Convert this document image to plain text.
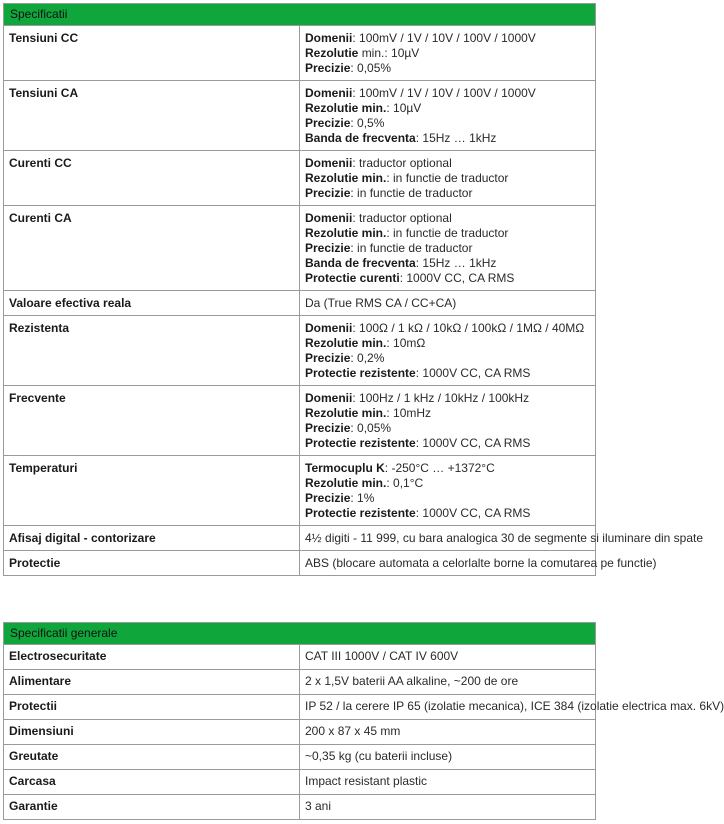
Specificatii	
Tensiuni CC	Domenii: 100mV / 1V / 10V / 100V / 1000V
Rezolutie min.: 10µV
Precizie: 0,05%

Tensiuni CA	Domenii: 100mV / 1V / 10V / 100V / 1000V
Rezolutie min.: 10µV
Precizie: 0,5%
Banda de frecventa: 15Hz … 1kHz

Curenti CC	Domenii: traductor optional
Rezolutie min.: in functie de traductor
Precizie: in functie de traductor

Curenti CA	Domenii: traductor optional
Rezolutie min.: in functie de traductor
Precizie: in functie de traductor
Banda de frecventa: 15Hz … 1kHz
Protectie curenti: 1000V CC, CA RMS

Valoare efectiva reala	Da (True RMS CA / CC+CA)

Rezistenta	Domenii: 100Ω / 1 kΩ / 10kΩ / 100kΩ / 1MΩ / 40MΩ
Rezolutie min.: 10mΩ
Precizie: 0,2%
Protectie rezistente: 1000V CC, CA RMS

Frecvente	Domenii: 100Hz / 1 kHz / 10kHz / 100kHz
Rezolutie min.: 10mHz
Precizie: 0,05%
Protectie rezistente: 1000V CC, CA RMS

Temperaturi	Termocuplu K: -250°C … +1372°C
Rezolutie min.: 0,1°C
Precizie: 1%
Protectie rezistente: 1000V CC, CA RMS

Afisaj digital - contorizare	4½ digiti - 11 999, cu bara analogica 30 de segmente si iluminare din spate

Protectie	ABS (blocare automata a celorlalte borne la comutarea pe functie)
Specificatii generale	
Electrosecuritate	CAT III 1000V / CAT IV 600V

Alimentare	2 x 1,5V baterii AA alkaline, ~200 de ore

Protectii	IP 52 / la cerere IP 65 (izolatie mecanica), ICE 384 (izolatie electrica max. 6kV)

Dimensiuni	200 x 87 x 45 mm

Greutate	~0,35 kg (cu baterii incluse)

Carcasa	Impact resistant plastic

Garantie	3 ani
